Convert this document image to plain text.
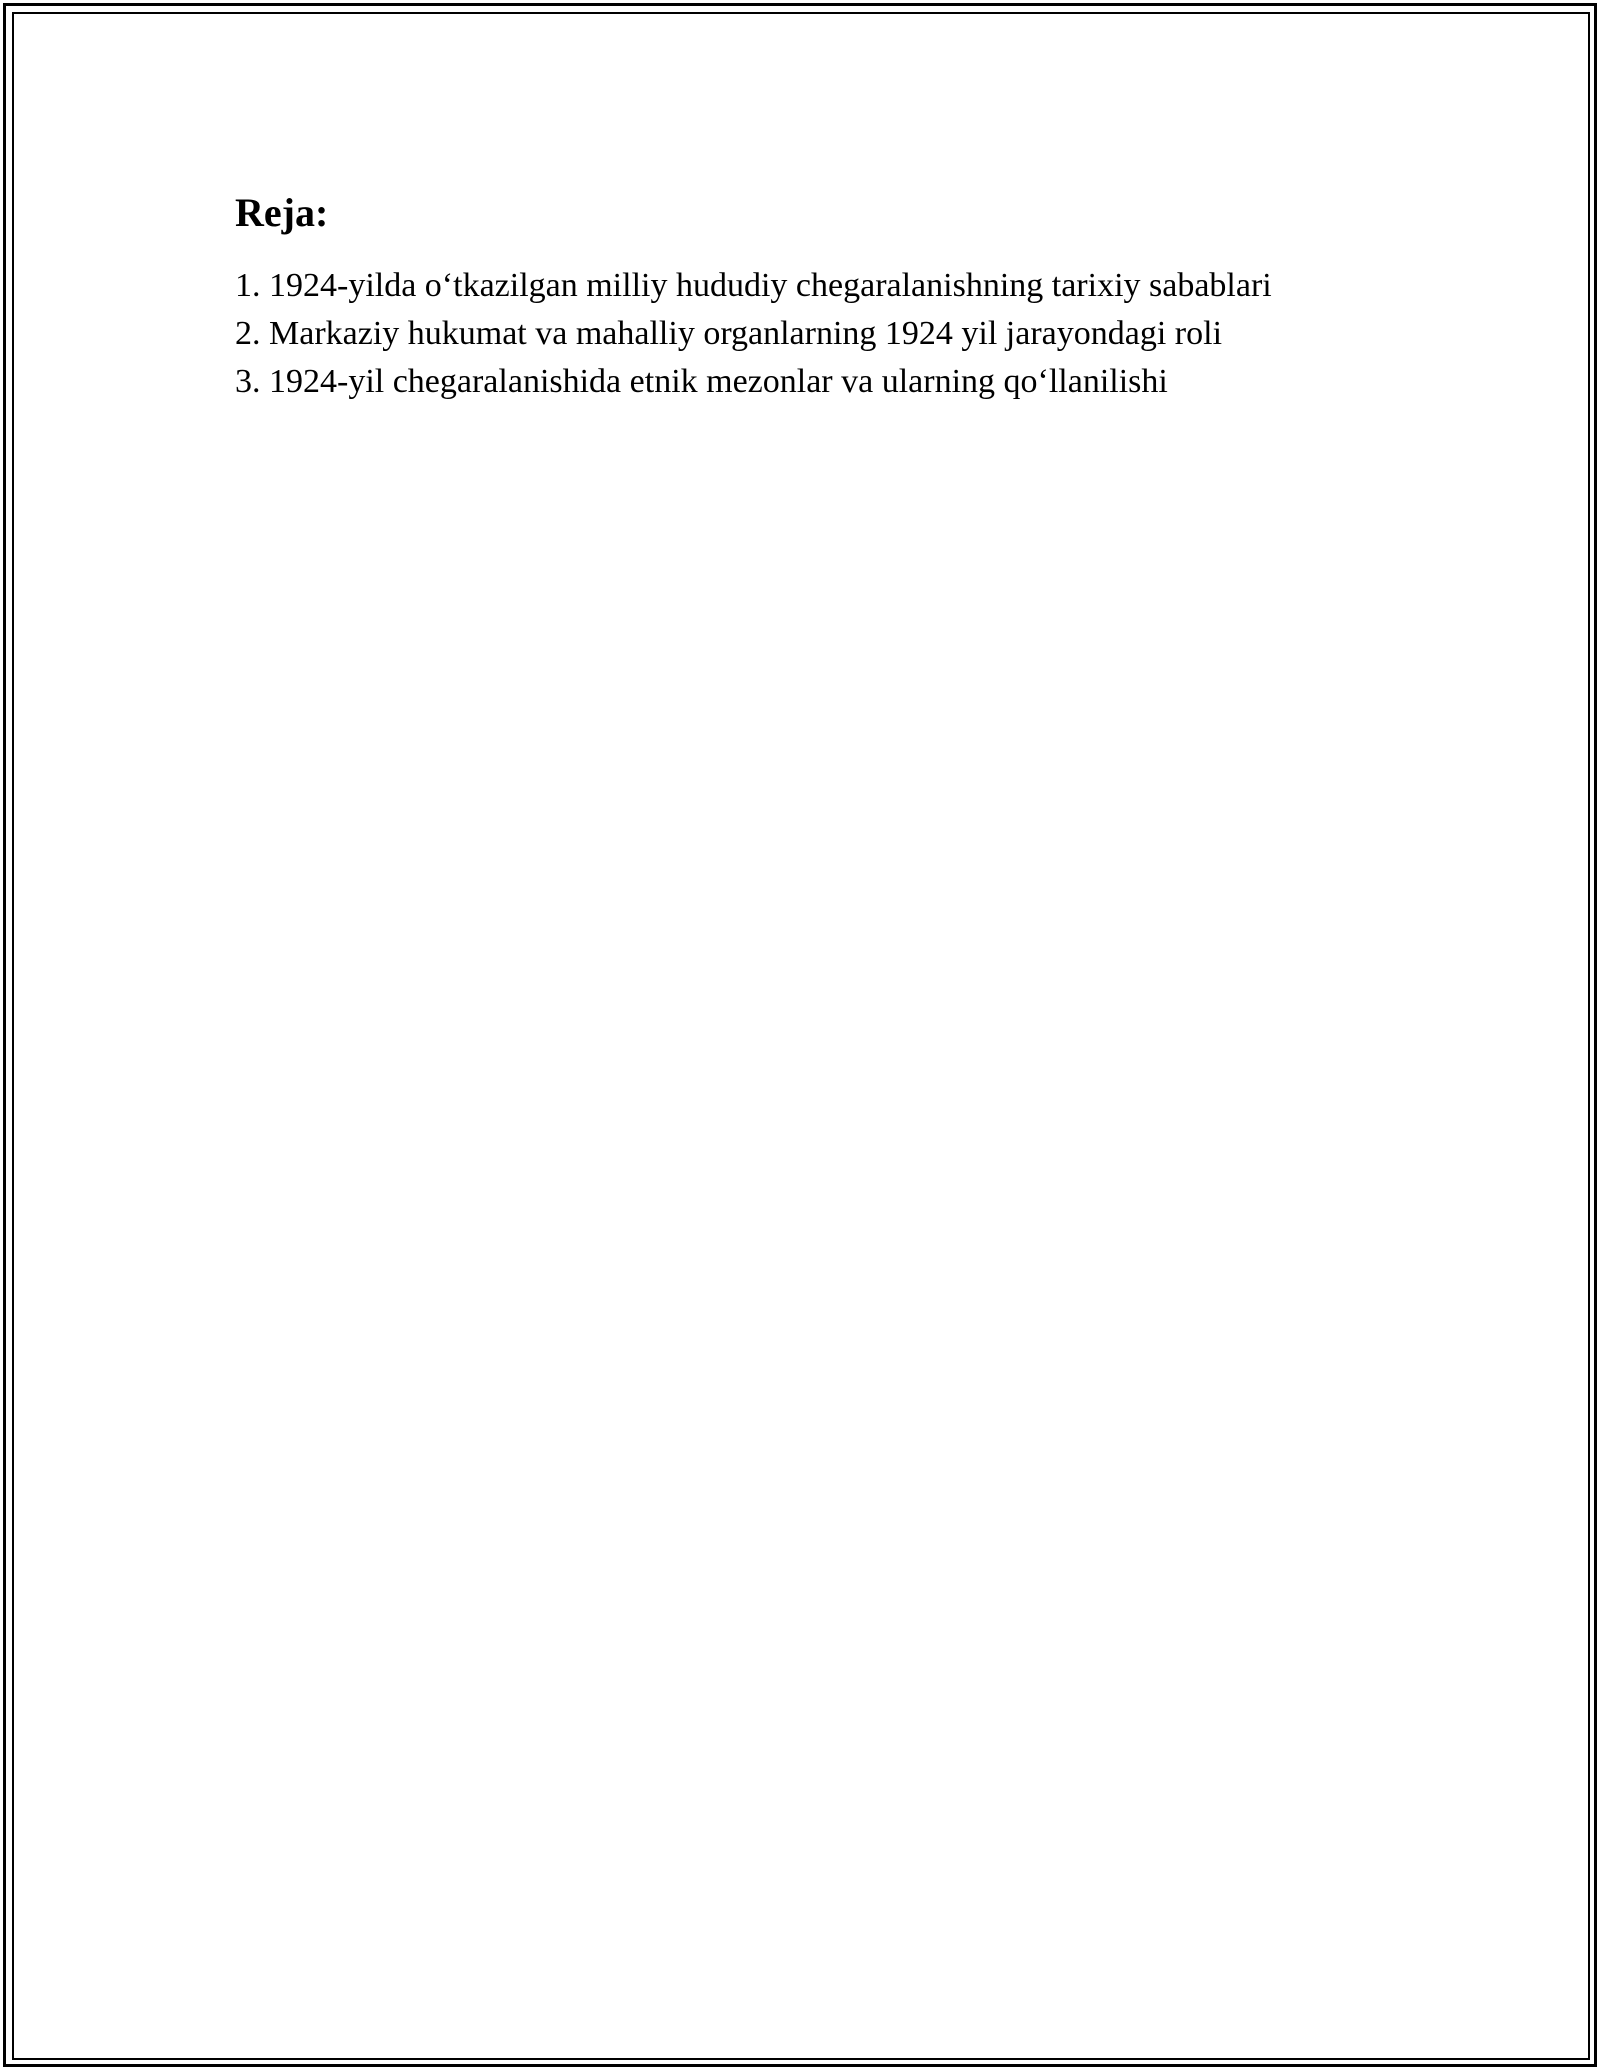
Reja:
1. 1924-yilda o‘tkazilgan milliy hududiy chegaralanishning tarixiy sabablari
2. Markaziy hukumat va mahalliy organlarning 1924 yil jarayondagi roli
3. 1924-yil chegaralanishida etnik mezonlar va ularning qo‘llanilishi
